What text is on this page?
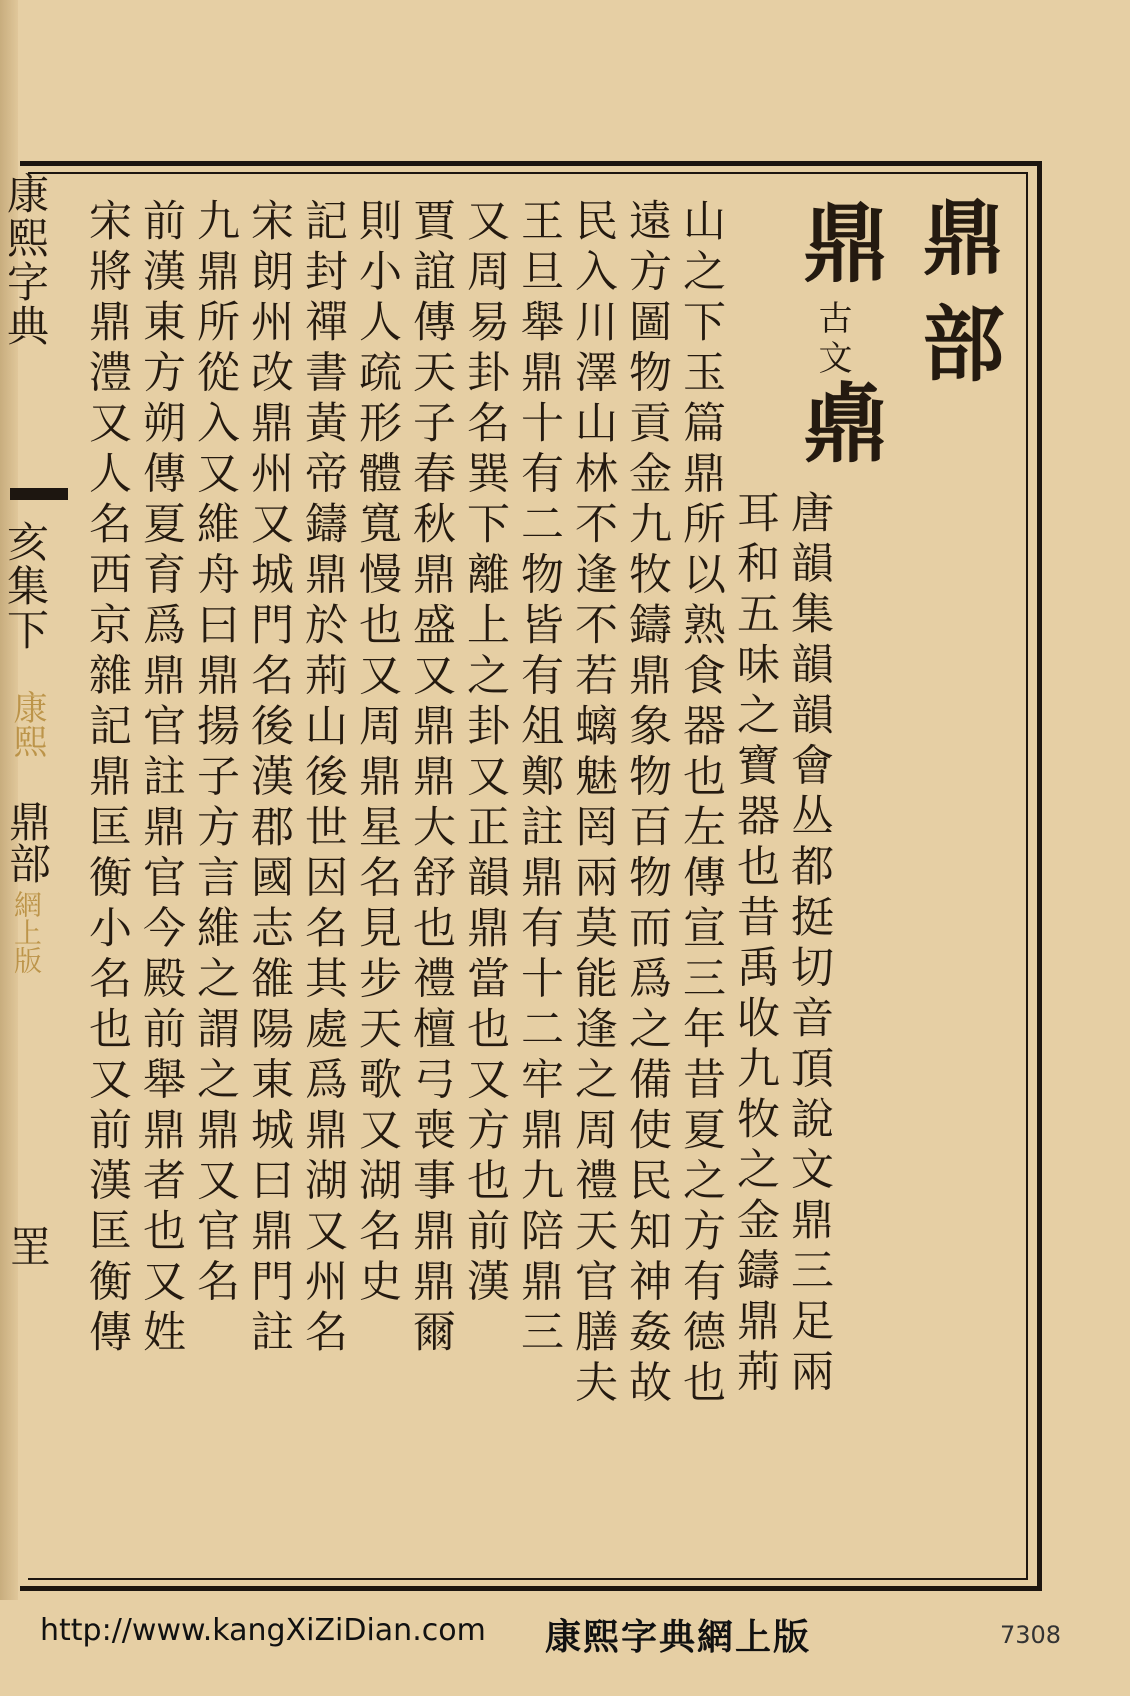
鼎部
鼎
古文
鼑
唐韻集韻韻會丛都挺切音頂說文鼎三足兩
耳和五味之寶器也昔禹收九牧之金鑄鼎荊
山之下玉篇鼎所以熟食器也左傳宣三年昔夏之方有德也
遠方圖物貢金九牧鑄鼎象物百物而爲之備使民知神姦故
民入川澤山林不逢不若螭魅罔兩莫能逢之周禮天官膳夫
王旦舉鼎十有二物皆有俎鄭註鼎有十二牢鼎九陪鼎三
又周易卦名巽下離上之卦又正韻鼎當也又方也前漢
賈誼傳天子春秋鼎盛又鼎鼎大舒也禮檀弓喪事鼎鼎爾
則小人疏形體寬慢也又周鼎星名見步天歌又湖名史
記封禪書黃帝鑄鼎於荊山後世因名其處爲鼎湖又州名
宋朗州改鼎州又城門名後漢郡國志雒陽東城曰鼎門註
九鼎所從入又維舟曰鼎揚子方言維之謂之鼎又官名
前漢東方朔傳夏育爲鼎官註鼎官今殿前舉鼎者也又姓
宋將鼎澧又人名西京雜記鼎匡衡小名也又前漢匡衡傳
康熙字典
亥集下
康熙
鼎部
網上版
罜
http://www.kangXiZiDian.com 康熙字典網上版	7308
